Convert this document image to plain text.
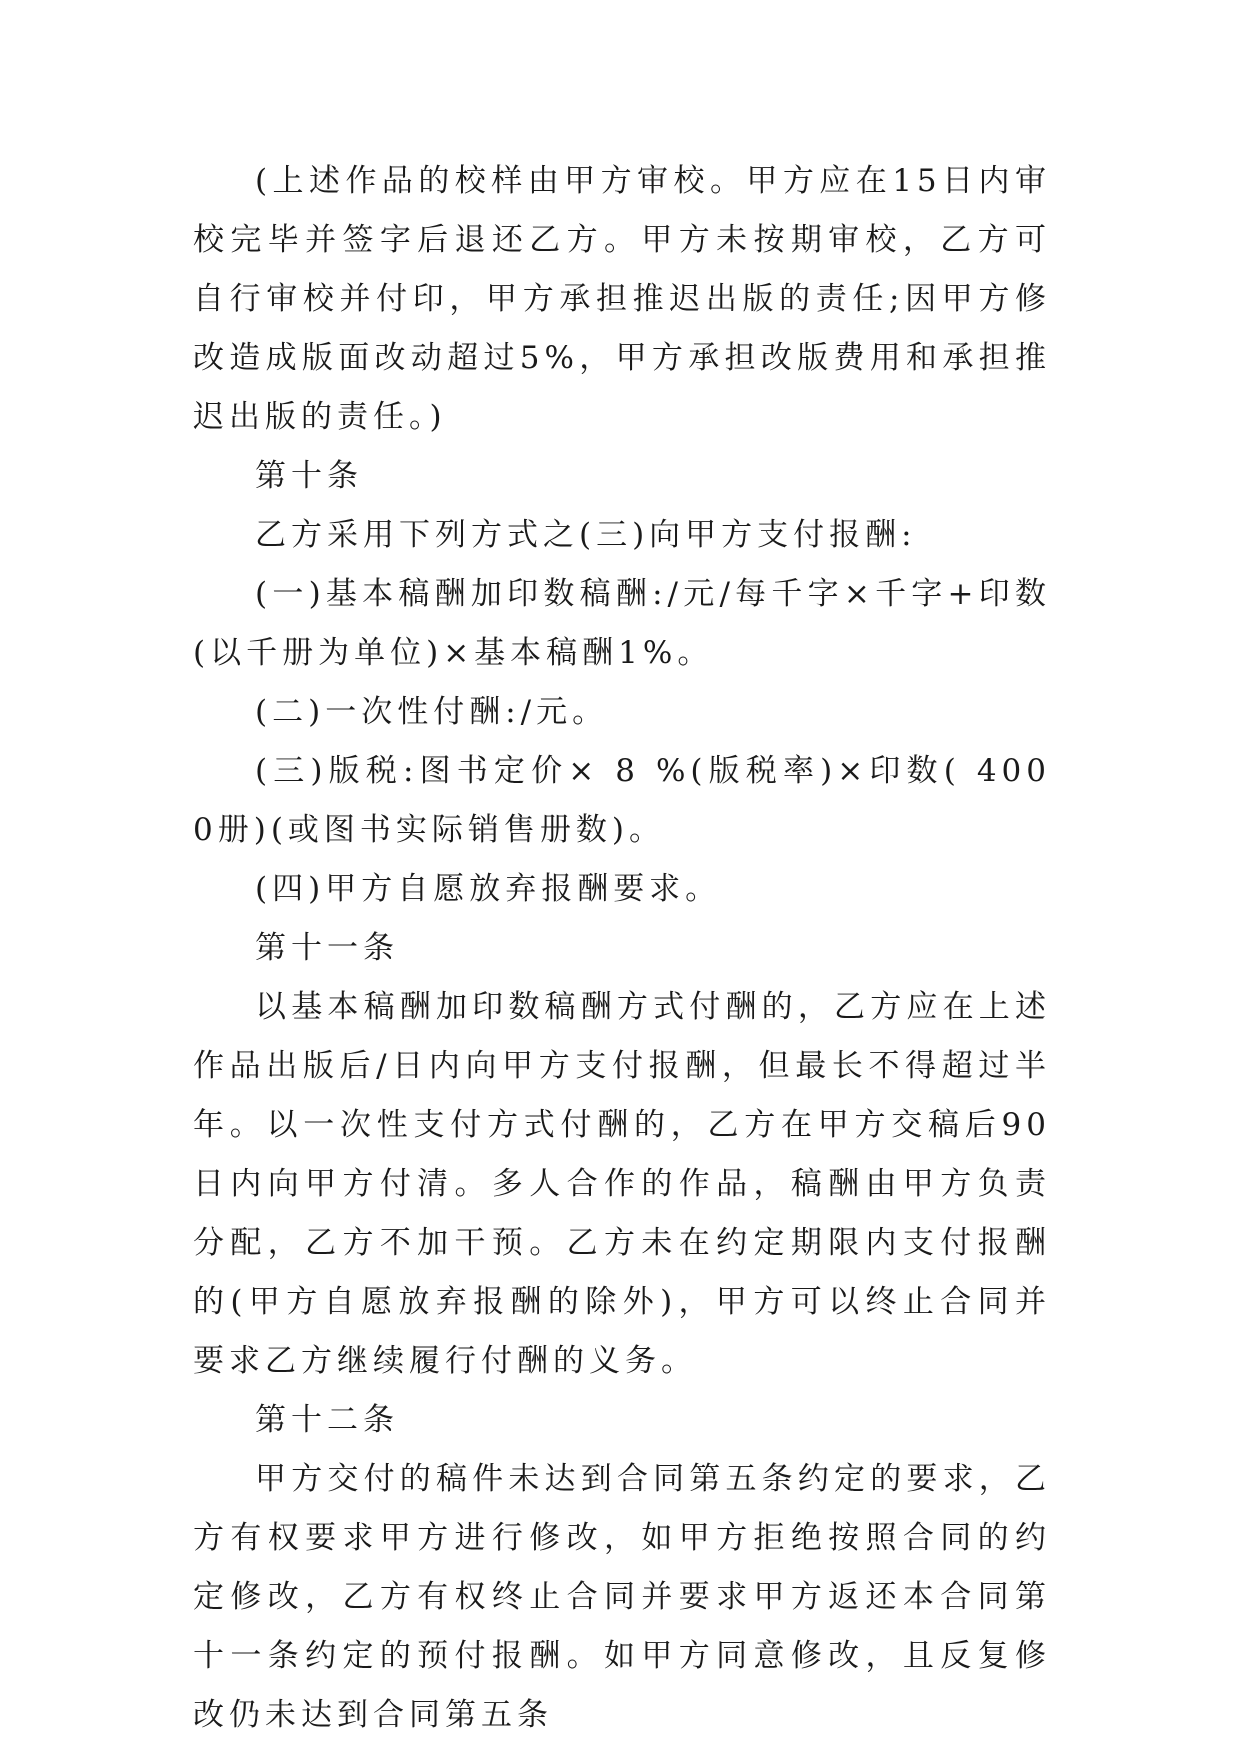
(上述作品的校样由甲方审校。甲方应在15日内审校完毕并签字后退还乙方。甲方未按期审校，乙方可自行审校并付印，甲方承担推迟出版的责任;因甲方修改造成版面改动超过5%，甲方承担改版费用和承担推迟出版的责任。)

第十条

乙方采用下列方式之(三)向甲方支付报酬:

(一)基本稿酬加印数稿酬:/元/每千字×千字+印数(以千册为单位)×基本稿酬1%。

(二)一次性付酬:/元。

(三)版税:图书定价× 8 %(版税率)×印数( 4000册)(或图书实际销售册数)。

(四)甲方自愿放弃报酬要求。

第十一条

以基本稿酬加印数稿酬方式付酬的，乙方应在上述作品出版后/日内向甲方支付报酬，但最长不得超过半年。以一次性支付方式付酬的，乙方在甲方交稿后90日内向甲方付清。多人合作的作品，稿酬由甲方负责分配，乙方不加干预。乙方未在约定期限内支付报酬的(甲方自愿放弃报酬的除外)，甲方可以终止合同并要求乙方继续履行付酬的义务。

第十二条

甲方交付的稿件未达到合同第五条约定的要求，乙方有权要求甲方进行修改，如甲方拒绝按照合同的约定修改，乙方有权终止合同并要求甲方返还本合同第十一条约定的预付报酬。如甲方同意修改，且反复修改仍未达到合同第五条
